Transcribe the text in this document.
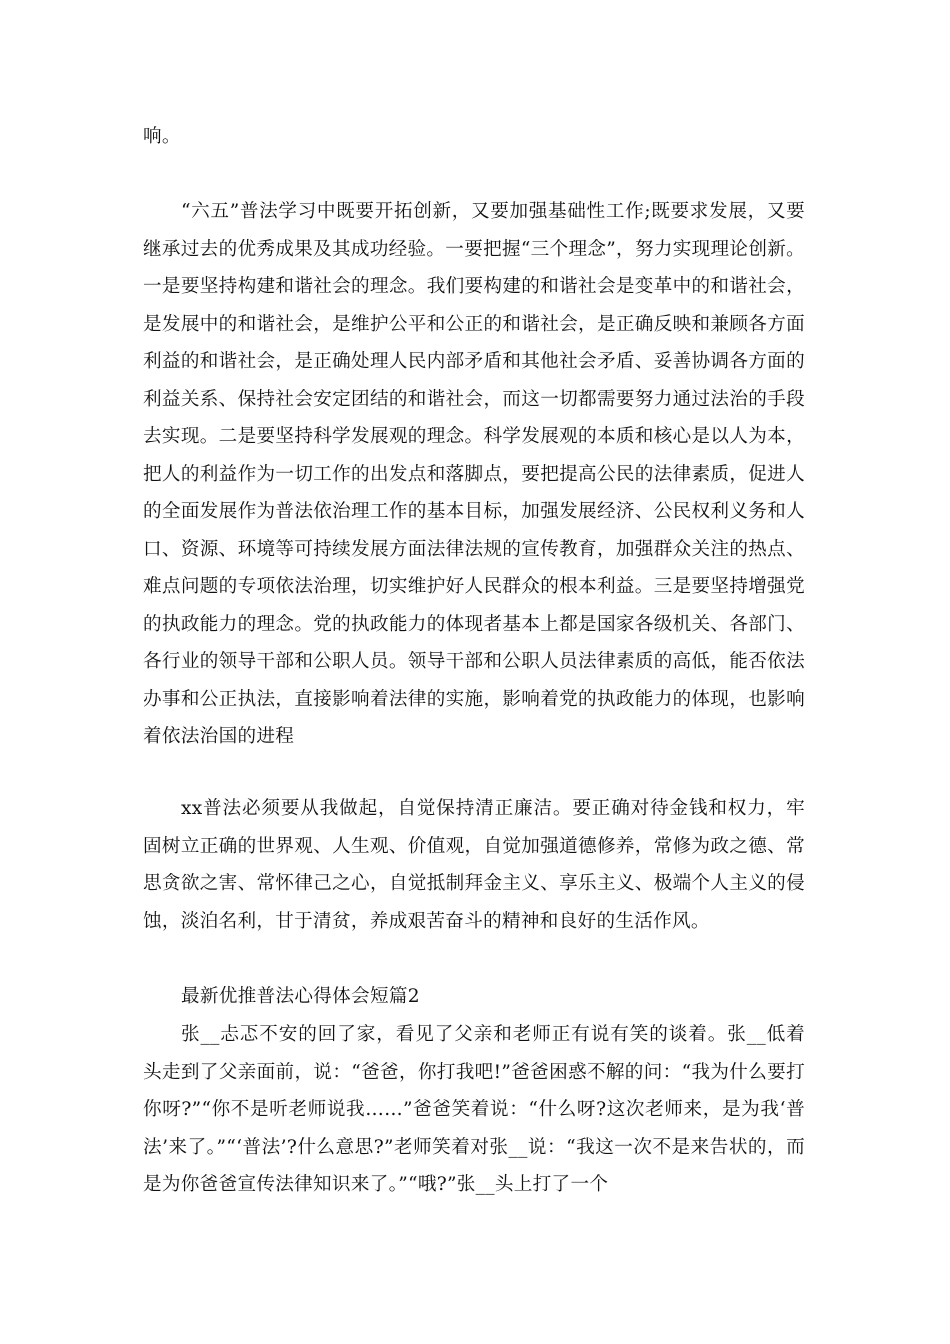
响。

“六五”普法学习中既要开拓创新，又要加强基础性工作;既要求发展，又要继承过去的优秀成果及其成功经验。一要把握“三个理念”，努力实现理论创新。一是要坚持构建和谐社会的理念。我们要构建的和谐社会是变革中的和谐社会，是发展中的和谐社会，是维护公平和公正的和谐社会，是正确反映和兼顾各方面利益的和谐社会，是正确处理人民内部矛盾和其他社会矛盾、妥善协调各方面的利益关系、保持社会安定团结的和谐社会，而这一切都需要努力通过法治的手段去实现。二是要坚持科学发展观的理念。科学发展观的本质和核心是以人为本，把人的利益作为一切工作的出发点和落脚点，要把提高公民的法律素质，促进人的全面发展作为普法依治理工作的基本目标，加强发展经济、公民权利义务和人口、资源、环境等可持续发展方面法律法规的宣传教育，加强群众关注的热点、难点问题的专项依法治理，切实维护好人民群众的根本利益。三是要坚持增强党的执政能力的理念。党的执政能力的体现者基本上都是国家各级机关、各部门、各行业的领导干部和公职人员。领导干部和公职人员法律素质的高低，能否依法办事和公正执法，直接影响着法律的实施，影响着党的执政能力的体现，也影响着依法治国的进程

xx普法必须要从我做起，自觉保持清正廉洁。要正确对待金钱和权力，牢固树立正确的世界观、人生观、价值观，自觉加强道德修养，常修为政之德、常思贪欲之害、常怀律己之心，自觉抵制拜金主义、享乐主义、极端个人主义的侵蚀，淡泊名利，甘于清贫，养成艰苦奋斗的精神和良好的生活作风。

最新优推普法心得体会短篇2

张__忐忑不安的回了家，看见了父亲和老师正有说有笑的谈着。张__低着头走到了父亲面前，说：“爸爸，你打我吧!”爸爸困惑不解的问：“我为什么要打你呀?”“你不是听老师说我……”爸爸笑着说：“什么呀?这次老师来，是为我‘普法’来了。”“‘普法’?什么意思?”老师笑着对张__说：“我这一次不是来告状的，而是为你爸爸宣传法律知识来了。”“哦?”张__头上打了一个
